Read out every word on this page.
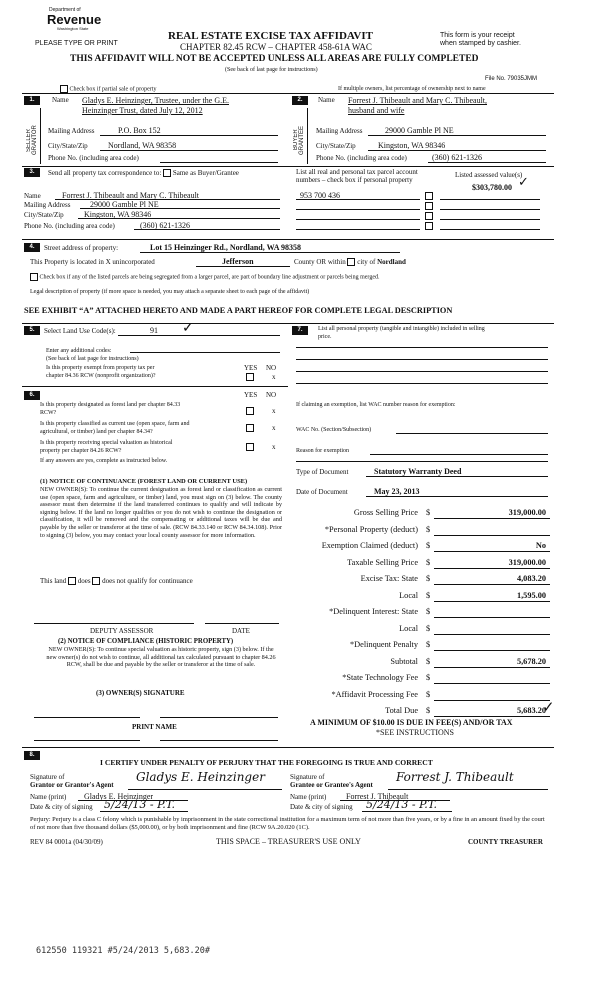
Department of
Revenue
Washington State
PLEASE TYPE OR PRINT
REAL ESTATE EXCISE TAX AFFIDAVIT
CHAPTER 82.45 RCW – CHAPTER 458-61A WAC
This form is your receipt
when stamped by cashier.
THIS AFFIDAVIT WILL NOT BE ACCEPTED UNLESS ALL AREAS ARE FULLY COMPLETED
(See back of last page for instructions)
File No. 79035JMM
Check box if partial sale of property	If multiple owners, list percentage of ownership next to name
1.
SELLER GRANTOR
Name Gladys E. Heinzinger, Trustee, under the G.E.
Heinzinger Trust, dated July 12, 2012
Mailing Address	P.O. Box 152
City/State/Zip	Nordland, WA 98358
Phone No. (including area code)
2.
BUYER GRANTEE
Name Forrest J. Thibeault and Mary C. Thibeault,
husband and wife
Mailing Address	29000 Gamble Pl NE
City/State/Zip	Kingston, WA 98346
Phone No. (including area code)	(360) 621-1326
3.	Send all property tax correspondence to: Same as Buyer/Grantee	List all real and personal tax parcel account
numbers – check box if personal property
Listed assessed value(s)
$303,780.00 ✓
Name	Forrest J. Thibeault and Mary C. Thibeault
Mailing Address 29000 Gamble Pl NE
City/State/Zip	Kingston, WA 98346
Phone No. (including area code)	(360) 621-1326
953 700 436
4.	Street address of property:	Lot 15 Heinzinger Rd., Nordland, WA 98358
This Property is located in X unincorporated	Jefferson	County OR within city of Nordland
Check box if any of the listed parcels are being segregated from a larger parcel, are part of boundary line adjustment or parcels being merged.
Legal description of property (if more space is needed, you may attach a separate sheet to each page of the affidavit)
SEE EXHIBIT “A” ATTACHED HERETO AND MADE A PART HEREOF FOR COMPLETE LEGAL DESCRIPTION
5.	Select Land Use Code(s):	91 ✓
Enter any additional codes:
(See back of last page for instructions)
YES NO
Is this property exempt from property tax per
chapter 84.36 RCW (nonprofit organization)?	x
7.	List all personal property (tangible and intangible) included in selling
price.
6.	YES NO
Is this property designated as forest land per chapter 84.33
RCW?	x
Is this property classified as current use (open space, farm and
agricultural, or timber) land per chapter 84.34?	x
Is this property receiving special valuation as historical
property per chapter 84.26 RCW?	x
If any answers are yes, complete as instructed below.
(1) NOTICE OF CONTINUANCE (FOREST LAND OR CURRENT USE)
NEW OWNER(S): To continue the current designation as forest land or classification as current use (open space, farm and agriculture, or timber) land, you must sign on (3) below. The county assessor must then determine if the land transferred continues to qualify and will indicate by signing below. If the land no longer qualifies or you do not wish to continue the designation or classification, it will be removed and the compensating or additional taxes will be due and payable by the seller or transferor at the time of sale. (RCW 84.33.140 or RCW 84.34.108). Prior to signing (3) below, you may contact your local county assessor for more information.
This land does does not qualify for continuance
DEPUTY ASSESSOR	DATE
(2) NOTICE OF COMPLIANCE (HISTORIC PROPERTY)
NEW OWNER(S): To continue special valuation as historic property, sign (3) below. If the new owner(s) do not wish to continue, all additional tax calculated pursuant to chapter 84.26 RCW, shall be due and payable by the seller or transferor at the time of sale.
(3) OWNER(S) SIGNATURE
PRINT NAME
If claiming an exemption, list WAC number reason for exemption:
WAC No. (Section/Subsection)
Reason for exemption
Type of Document	Statutory Warranty Deed
Date of Document	May 23, 2013
Gross Selling Price $	319,000.00
*Personal Property (deduct) $
Exemption Claimed (deduct) $	No
Taxable Selling Price $	319,000.00
Excise Tax: State $	4,083.20
Local $	1,595.00
*Delinquent Interest: State $
Local $
*Delinquent Penalty $
Subtotal $	5,678.20
*State Technology Fee $
*Affidavit Processing Fee $
Total Due $	5,683.20
✓
A MINIMUM OF $10.00 IS DUE IN FEE(S) AND/OR TAX
*SEE INSTRUCTIONS
8.
I CERTIFY UNDER PENALTY OF PERJURY THAT THE FOREGOING IS TRUE AND CORRECT
Signature of
Grantor or Grantor's Agent
Gladys E. Heinzinger
Name (print) Gladys E. Heinzinger
Date & city of signing 5/24/13 - P.T.
Signature of
Grantee or Grantee's Agent
Forrest J. Thibeault
Name (print) Forrest J. Thibeault
Date & city of signing 5/24/13 - P.T.
Perjury: Perjury is a class C felony which is punishable by imprisonment in the state correctional institution for a maximum term of not more than five years, or by a fine in an amount fixed by the court of not more than five thousand dollars ($5,000.00), or by both imprisonment and fine (RCW 9A.20.020 (1C).
REV 84 0001a (04/30/09)	THIS SPACE – TREASURER'S USE ONLY	COUNTY TREASURER
612550 119321 #5/24/2013 5,683.20#
